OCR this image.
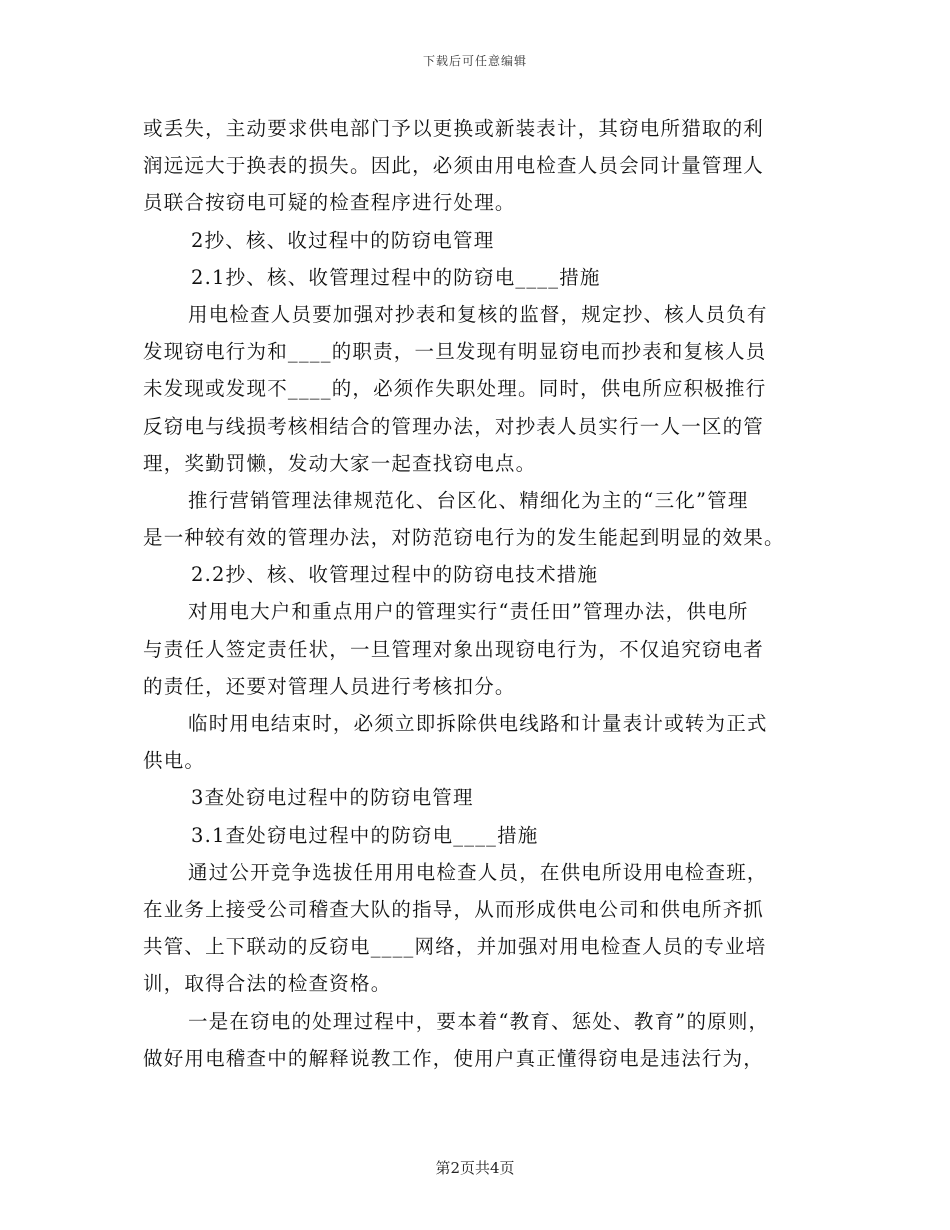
下载后可任意编辑
或丢失，主动要求供电部门予以更换或新装表计，其窃电所猎取的利
润远远大于换表的损失。因此，必须由用电检查人员会同计量管理人
员联合按窃电可疑的检查程序进行处理。
2抄、核、收过程中的防窃电管理
2.1抄、核、收管理过程中的防窃电____措施
用电检查人员要加强对抄表和复核的监督，规定抄、核人员负有
发现窃电行为和____的职责，一旦发现有明显窃电而抄表和复核人员
未发现或发现不____的，必须作失职处理。同时，供电所应积极推行
反窃电与线损考核相结合的管理办法，对抄表人员实行一人一区的管
理，奖勤罚懒，发动大家一起查找窃电点。
推行营销管理法律规范化、台区化、精细化为主的“三化”管理
是一种较有效的管理办法，对防范窃电行为的发生能起到明显的效果。
2.2抄、核、收管理过程中的防窃电技术措施
对用电大户和重点用户的管理实行“责任田”管理办法，供电所
与责任人签定责任状，一旦管理对象出现窃电行为，不仅追究窃电者
的责任，还要对管理人员进行考核扣分。
临时用电结束时，必须立即拆除供电线路和计量表计或转为正式
供电。
3查处窃电过程中的防窃电管理
3.1查处窃电过程中的防窃电____措施
通过公开竞争选拔任用用电检查人员，在供电所设用电检查班，
在业务上接受公司稽查大队的指导，从而形成供电公司和供电所齐抓
共管、上下联动的反窃电____网络，并加强对用电检查人员的专业培
训，取得合法的检查资格。
一是在窃电的处理过程中，要本着“教育、惩处、教育”的原则，
做好用电稽查中的解释说教工作，使用户真正懂得窃电是违法行为，
第2页共4页
